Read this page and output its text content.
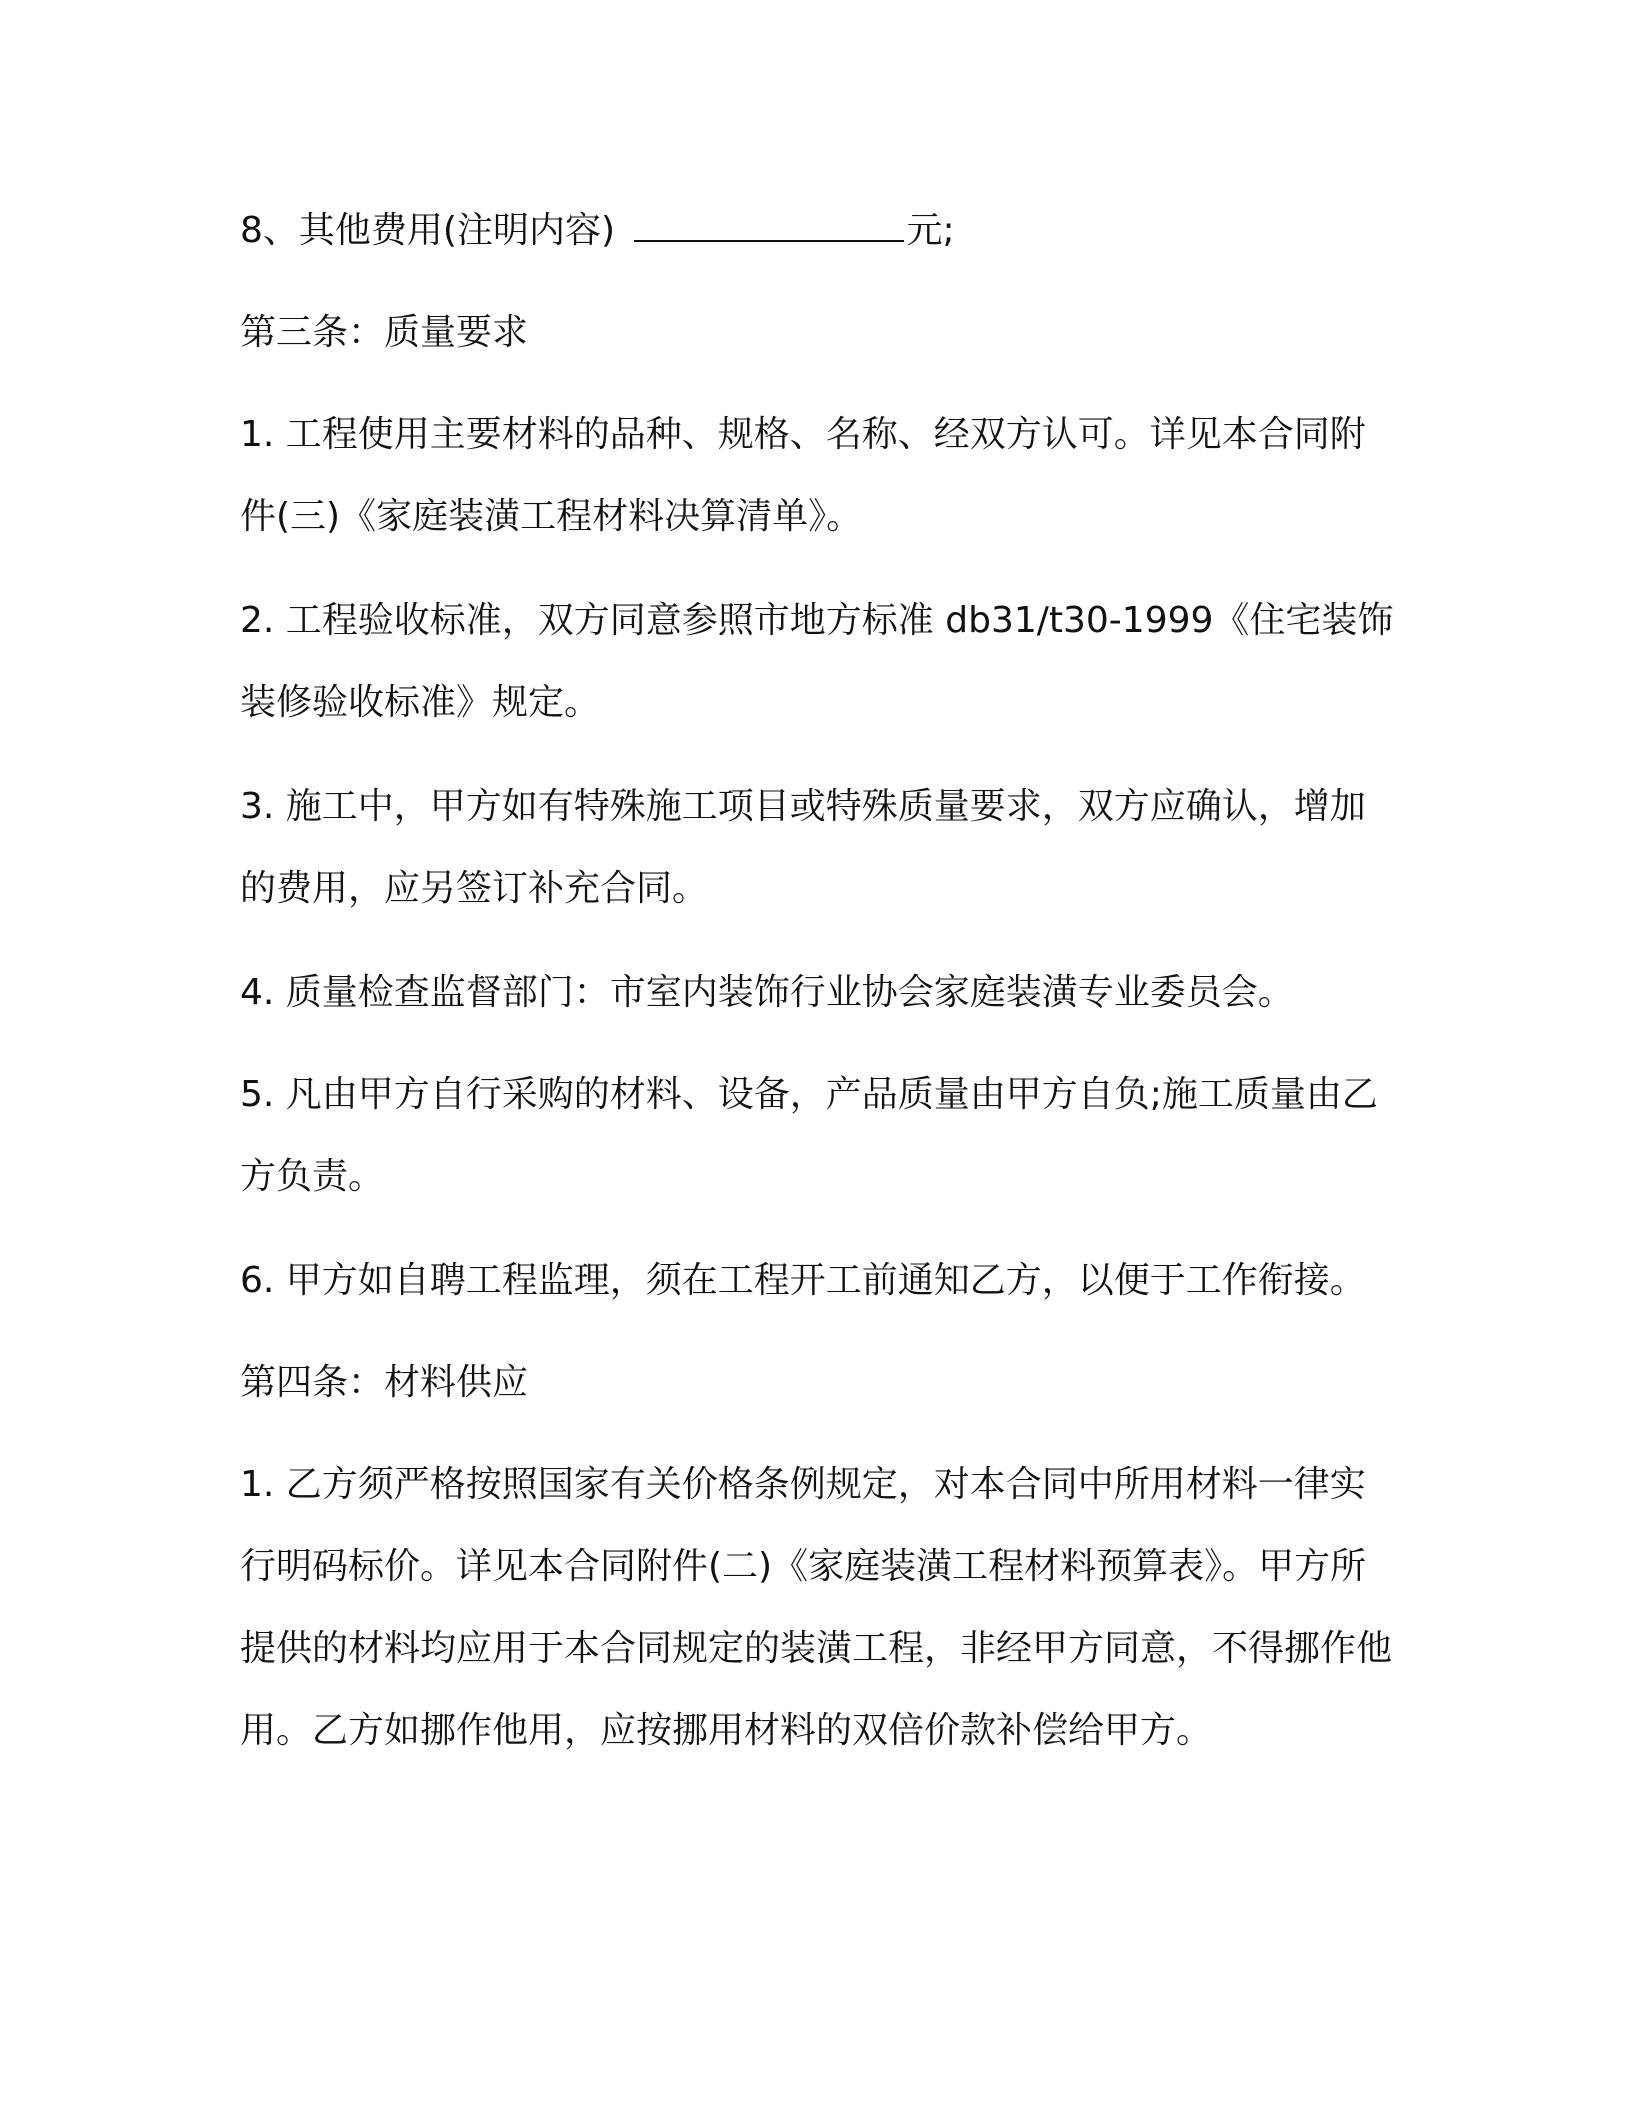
8、其他费用(注明内容)	元;

第三条：质量要求

1. 工程使用主要材料的品种、规格、名称、经双方认可。详见本合同附件(三)《家庭装潢工程材料决算清单》。

2. 工程验收标准，双方同意参照市地方标准 db31/t30-1999《住宅装饰装修验收标准》规定。

3. 施工中，甲方如有特殊施工项目或特殊质量要求，双方应确认，增加的费用，应另签订补充合同。

4. 质量检查监督部门：市室内装饰行业协会家庭装潢专业委员会。

5. 凡由甲方自行采购的材料、设备，产品质量由甲方自负;施工质量由乙方负责。

6. 甲方如自聘工程监理，须在工程开工前通知乙方，以便于工作衔接。

第四条：材料供应

1. 乙方须严格按照国家有关价格条例规定，对本合同中所用材料一律实行明码标价。详见本合同附件(二)《家庭装潢工程材料预算表》。甲方所提供的材料均应用于本合同规定的装潢工程，非经甲方同意，不得挪作他用。乙方如挪作他用，应按挪用材料的双倍价款补偿给甲方。
